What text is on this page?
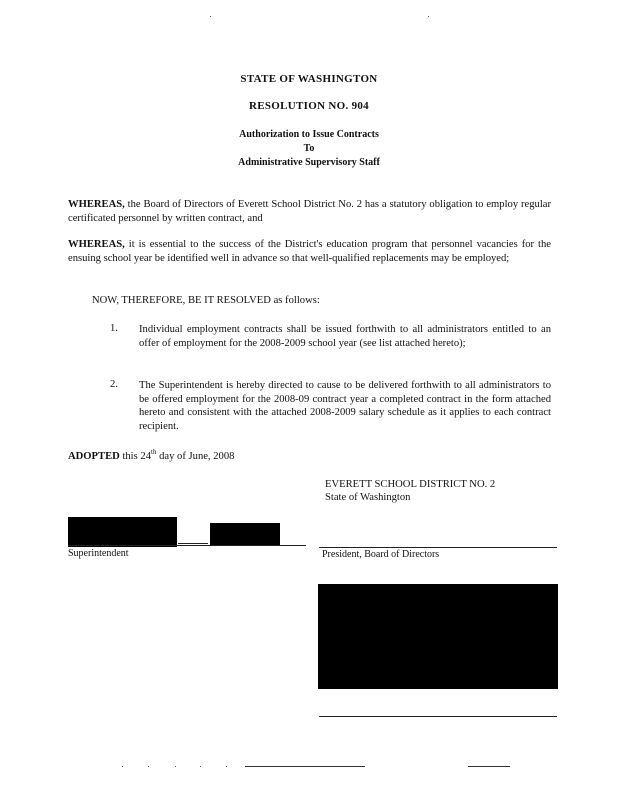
STATE OF WASHINGTON
RESOLUTION NO. 904
Authorization to Issue Contracts
To
Administrative Supervisory Staff
WHEREAS, the Board of Directors of Everett School District No. 2 has a statutory obligation to employ regular certificated personnel by written contract, and
WHEREAS, it is essential to the success of the District's education program that personnel vacancies for the ensuing school year be identified well in advance so that well-qualified replacements may be employed;
NOW, THEREFORE, BE IT RESOLVED as follows:
1. Individual employment contracts shall be issued forthwith to all administrators entitled to an offer of employment for the 2008-2009 school year (see list attached hereto);
2. The Superintendent is hereby directed to cause to be delivered forthwith to all administrators to be offered employment for the 2008-09 contract year a completed contract in the form attached hereto and consistent with the attached 2008-2009 salary schedule as it applies to each contract recipient.
ADOPTED this 24th day of June, 2008
EVERETT SCHOOL DISTRICT NO. 2
State of Washington
Superintendent	President, Board of Directors
